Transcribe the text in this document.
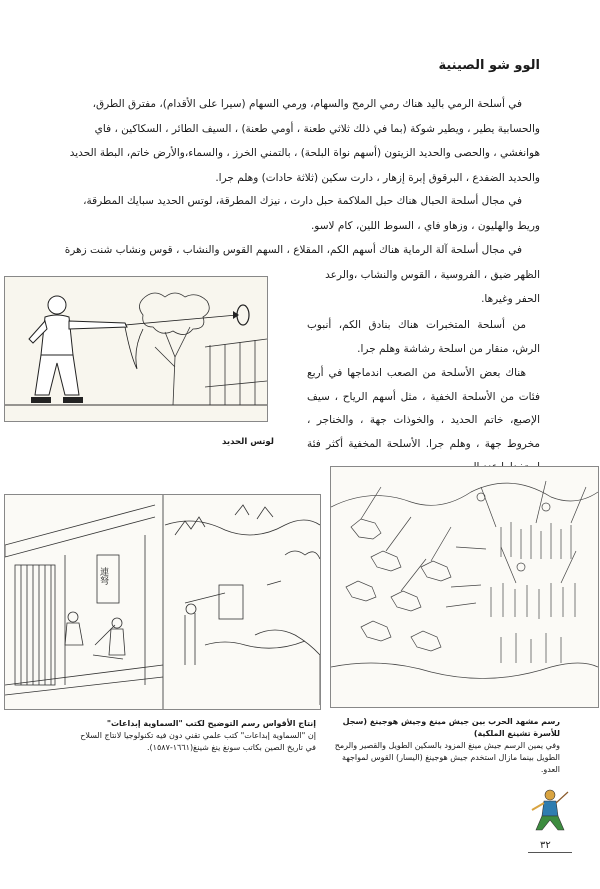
الوو شو الصينية

في أسلحة الرمي باليد هناك رمي الرمح والسهام، ورمي السهام (سيرا على الأقدام)، مفترق الطرق، والحسابية يطير ، ويطير شوكة (بما في ذلك ثلاثي طعنة ، أومي طعنة) ، السيف الطائر ، السكاكين ، فاي هوانغشي ، والحصى والحديد الزيتون (أسهم نواة البلحة) ، بالتمني الخرز ، والسماء،والأرض خاتم، البطة الحديد والحديد الضفدع ، البرقوق إبرة إزهار ، دارت سكين (ثلاثة حادات) وهلم جرا.

في مجال أسلحة الحبال هناك حبل الملاكمة حبل دارت ، نيزك المطرقة، لوتس الحديد سبايك المطرقة، وريط والهليون ، وزهاو فاي ، السوط اللين، كام لاسو.

في مجال أسلحة آلة الرماية هناك أسهم الكم، المقلاع ، السهم القوس والنشاب ، قوس ونشاب شنت زهرة الظهر ضيق ، الفروسية ، القوس والنشاب ،والرعد

الحفر وغيرها.

من أسلحة المتخبرات هناك بنادق الكم، أنبوب الرش، منقار من اسلحة رشاشة وهلم جرا.

هناك بعض الأسلحة من الصعب اندماجها في أربع فئات من الأسلحة الخفية ، مثل أسهم الرياح ، سيف الإصبع، خاتم الحديد ، والخوذات جهة ، والخناجر ، مخروط جهة ، وهلم جرا. الأسلحة المخفية أكثر فئة

لوتس الحديد
رسم مشهد الحرب بين جيش مينغ وجيش هوجينغ (سجل للأسرة تشينغ الملكية)
وفي يمين الرسم جيش مينغ المزود بالسكين الطويل والقصير والرمح الطويل بينما مازال استخدم جيش هوجينغ (اليسار) القوس لمواجهة العدو.
連弩
إنتاج الأقواس رسم التوضيح لكتب "السماوية إبداعات"
إن "السماوية إبداعات" كتب علمي تقني دون فيه تكنولوجيا لانتاج السلاح في تاريخ الصين بكاتب سونغ ينغ شينغ(١٦٦١-١٥٨٧).
٣٢
